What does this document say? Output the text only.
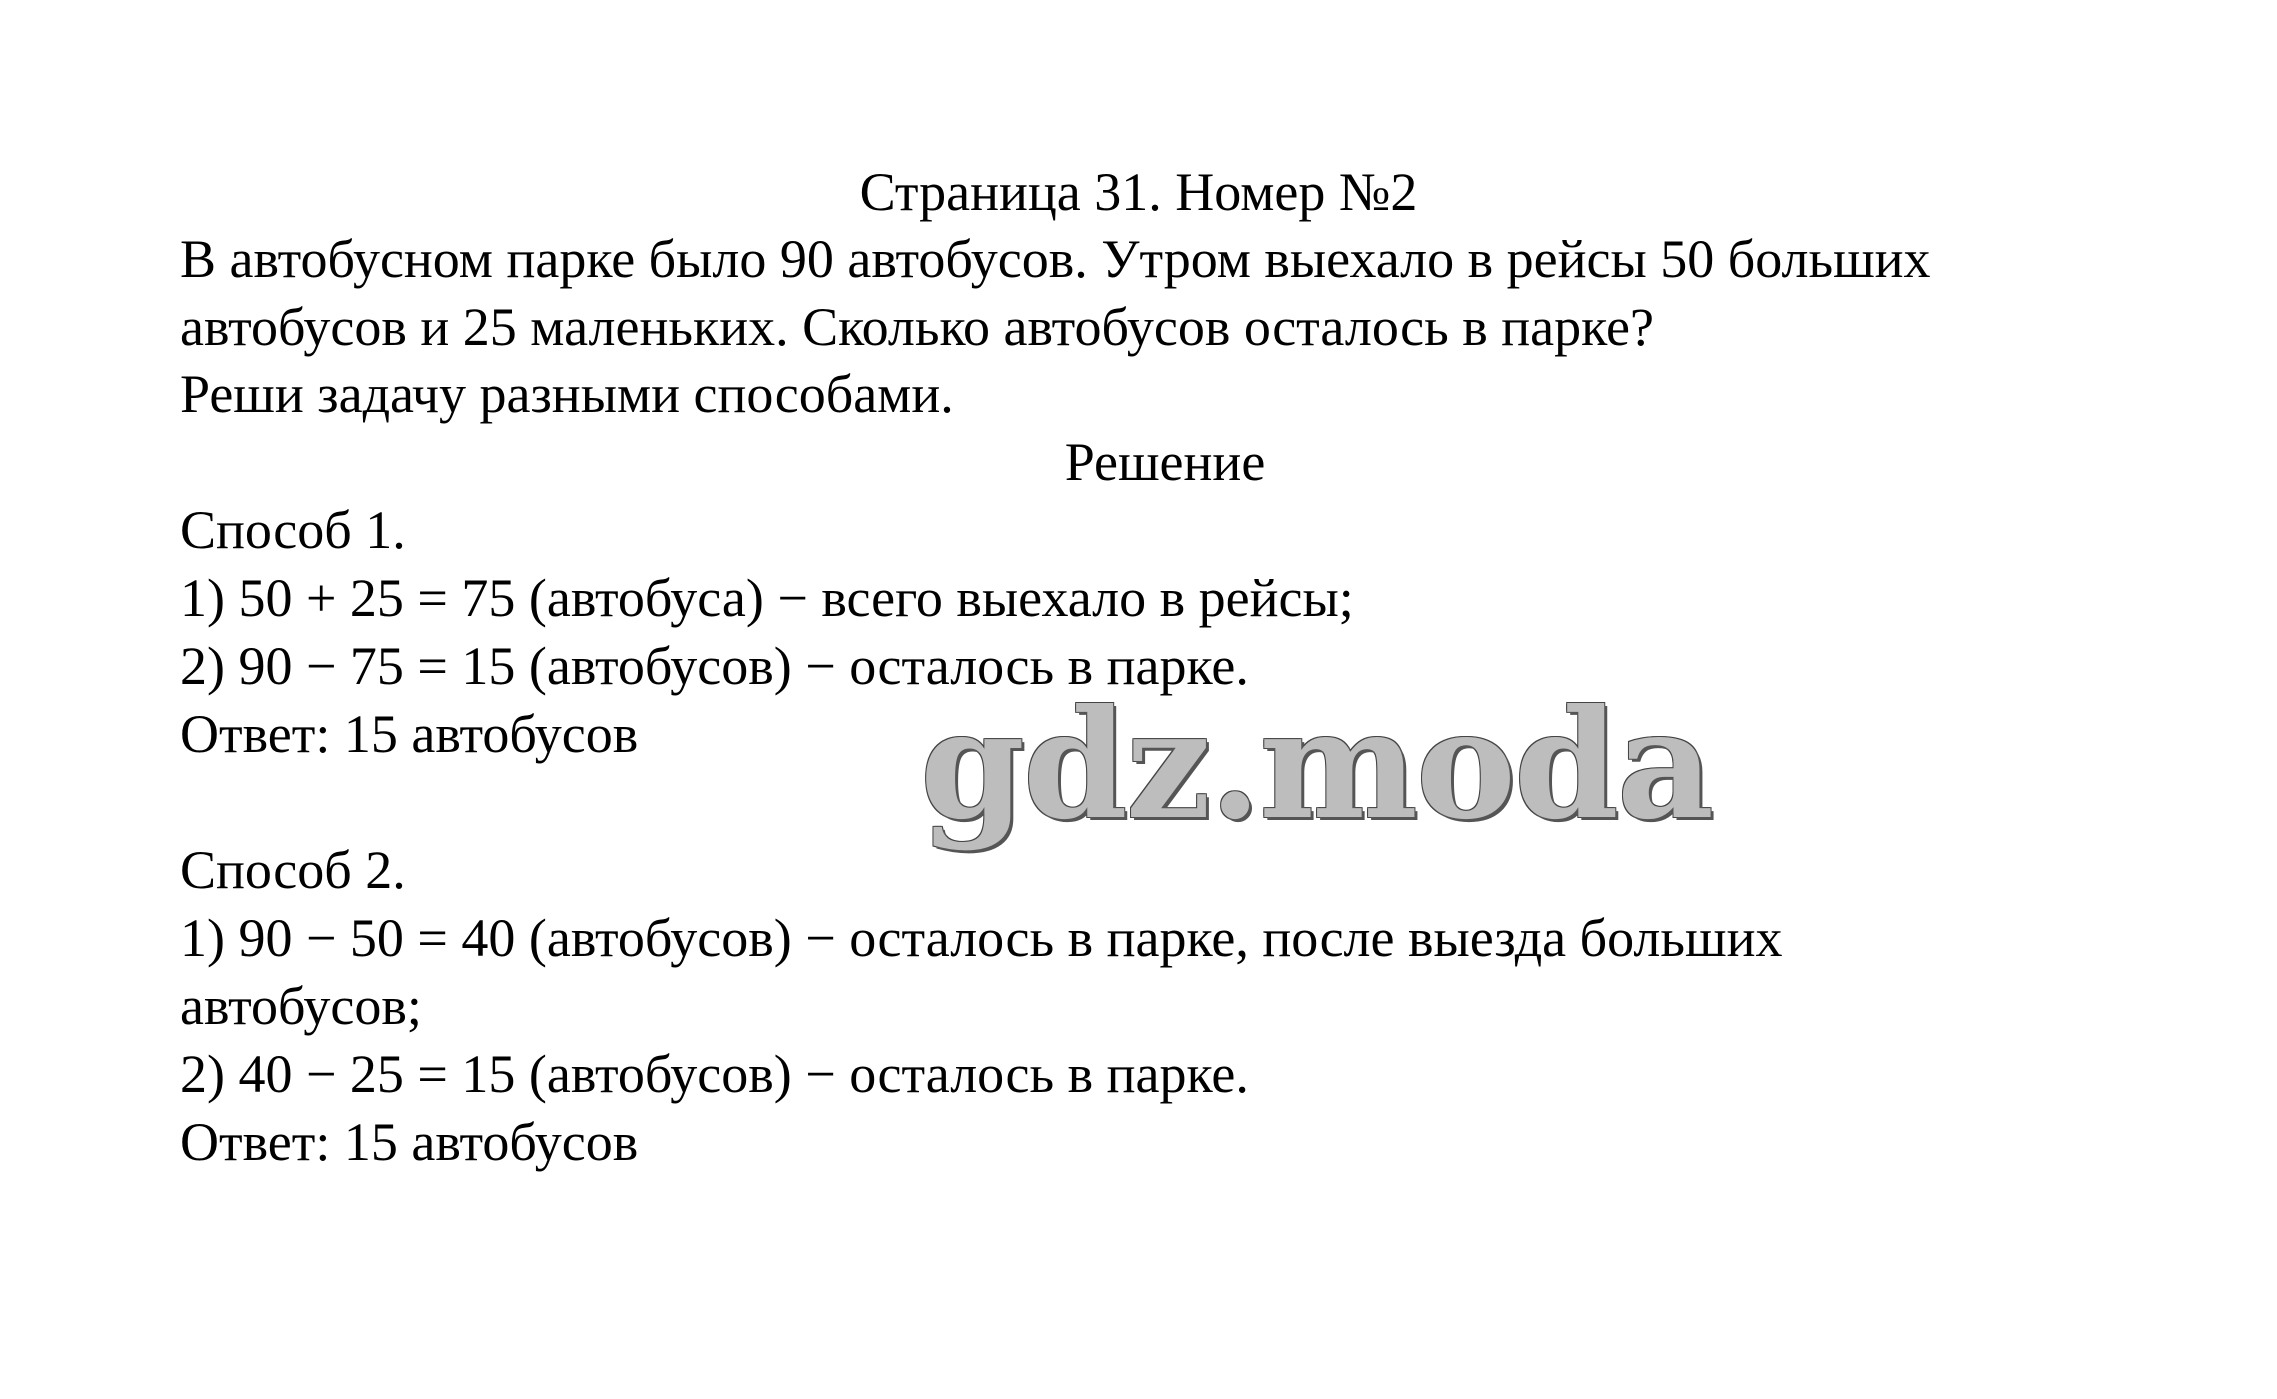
Страница 31. Номер №2
В автобусном парке было 90 автобусов. Утром выехало в рейсы 50 больших
автобусов и 25 маленьких. Сколько автобусов осталось в парке?
Реши задачу разными способами.
Решение
Способ 1.
1) 50 + 25 = 75 (автобуса) − всего выехало в рейсы;
2) 90 − 75 = 15 (автобусов) − осталось в парке.
Ответ: 15 автобусов gdz.moda
Способ 2.
1) 90 − 50 = 40 (автобусов) − осталось в парке, после выезда больших
автобусов;
2) 40 − 25 = 15 (автобусов) − осталось в парке.
Ответ: 15 автобусов
